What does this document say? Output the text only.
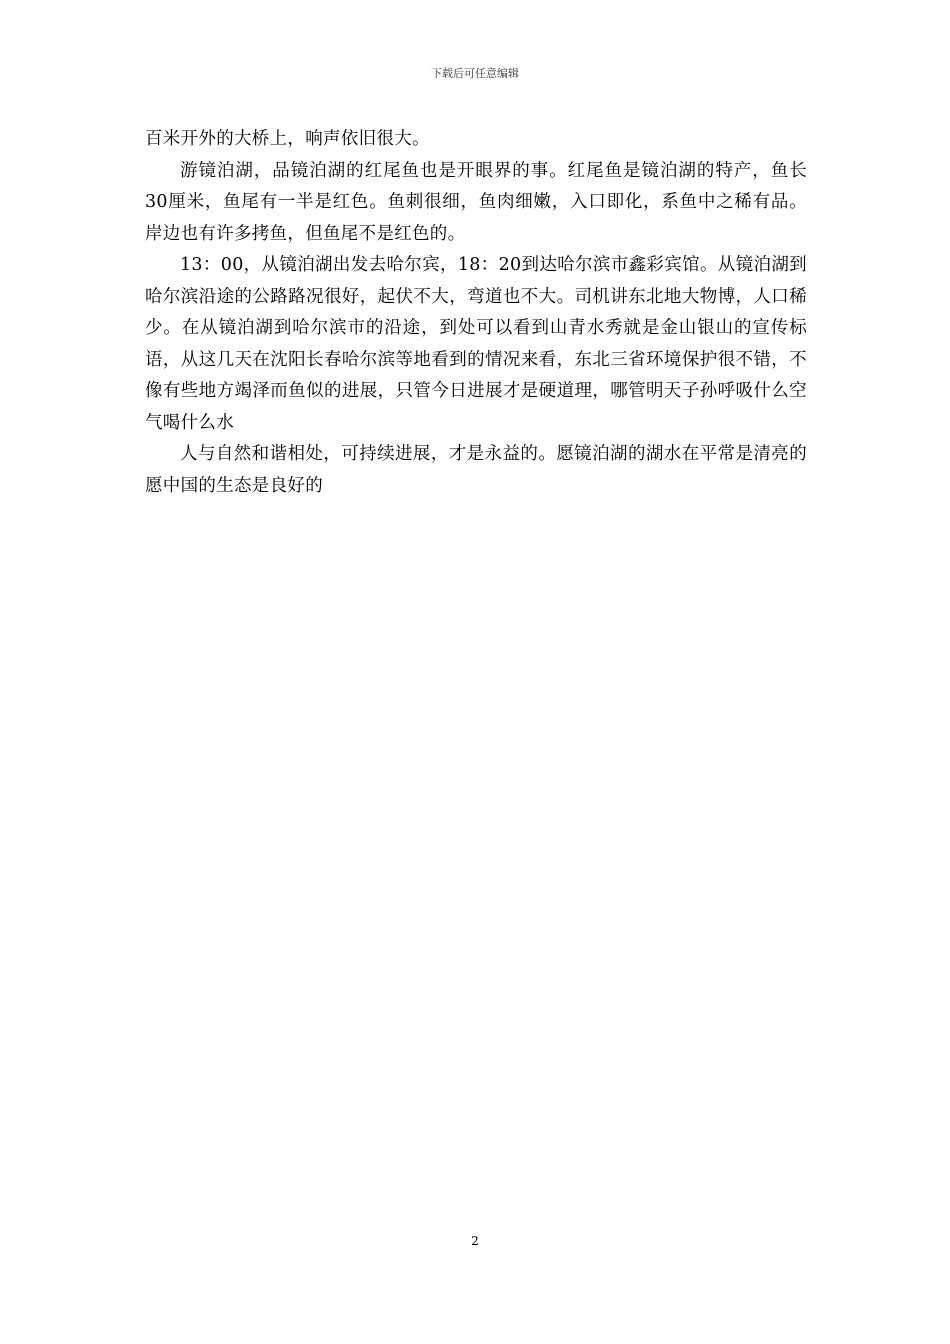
下载后可任意编辑

百米开外的大桥上，响声依旧很大。

游镜泊湖，品镜泊湖的红尾鱼也是开眼界的事。红尾鱼是镜泊湖的特产，鱼长30厘米，鱼尾有一半是红色。鱼刺很细，鱼肉细嫩，入口即化，系鱼中之稀有品。岸边也有许多拷鱼，但鱼尾不是红色的。

13：00，从镜泊湖出发去哈尔宾，18：20到达哈尔滨市鑫彩宾馆。从镜泊湖到哈尔滨沿途的公路路况很好，起伏不大，弯道也不大。司机讲东北地大物博，人口稀少。在从镜泊湖到哈尔滨市的沿途，到处可以看到山青水秀就是金山银山的宣传标语，从这几天在沈阳长春哈尔滨等地看到的情况来看，东北三省环境保护很不错，不像有些地方竭泽而鱼似的进展，只管今日进展才是硬道理，哪管明天子孙呼吸什么空气喝什么水

人与自然和谐相处，可持续进展，才是永益的。愿镜泊湖的湖水在平常是清亮的愿中国的生态是良好的

2
